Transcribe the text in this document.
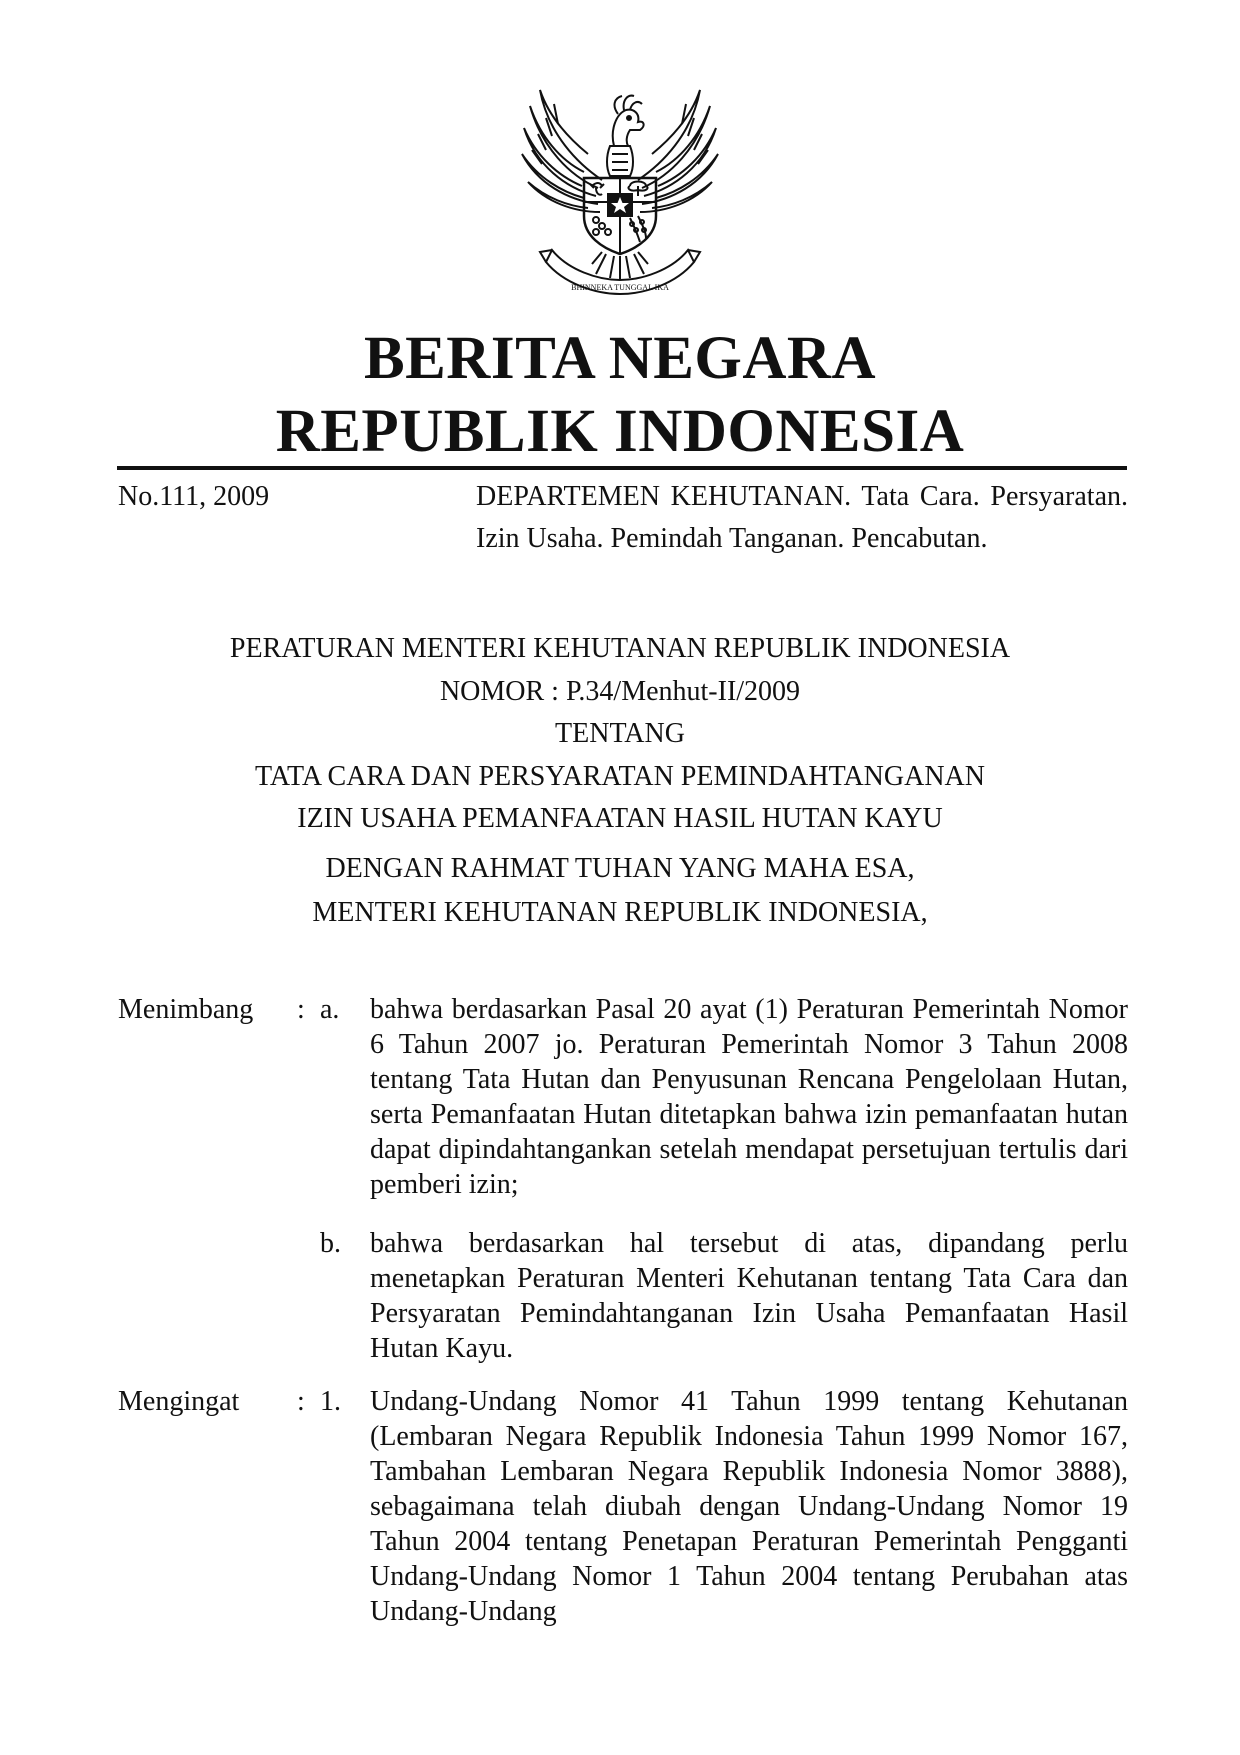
BHINNEKA TUNGGAL IKA
BERITA NEGARA
REPUBLIK INDONESIA
No.111, 2009	DEPARTEMEN KEHUTANAN. Tata Cara. Persyaratan. Izin Usaha. Pemindah Tanganan. Pencabutan.
PERATURAN MENTERI KEHUTANAN REPUBLIK INDONESIA
NOMOR : P.34/Menhut-II/2009
TENTANG
TATA CARA DAN PERSYARATAN PEMINDAHTANGANAN
IZIN USAHA PEMANFAATAN HASIL HUTAN KAYU
DENGAN RAHMAT TUHAN YANG MAHA ESA,
MENTERI KEHUTANAN REPUBLIK INDONESIA,
Menimbang : a. bahwa berdasarkan Pasal 20 ayat (1) Peraturan Pemerintah Nomor 6 Tahun 2007 jo. Peraturan Pemerintah Nomor 3 Tahun 2008 tentang Tata Hutan dan Penyusunan Rencana Pengelolaan Hutan, serta Pemanfaatan Hutan ditetapkan bahwa izin pemanfaatan hutan dapat dipindahtangankan setelah mendapat persetujuan tertulis dari pemberi izin;
b. bahwa berdasarkan hal tersebut di atas, dipandang perlu menetapkan Peraturan Menteri Kehutanan tentang Tata Cara dan Persyaratan Pemindahtanganan Izin Usaha Pemanfaatan Hasil Hutan Kayu.
Mengingat : 1. Undang-Undang Nomor 41 Tahun 1999 tentang Kehutanan (Lembaran Negara Republik Indonesia Tahun 1999 Nomor 167, Tambahan Lembaran Negara Republik Indonesia Nomor 3888), sebagaimana telah diubah dengan Undang-Undang Nomor 19 Tahun 2004 tentang Penetapan Peraturan Pemerintah Pengganti Undang-Undang Nomor 1 Tahun 2004 tentang Perubahan atas Undang-Undang
